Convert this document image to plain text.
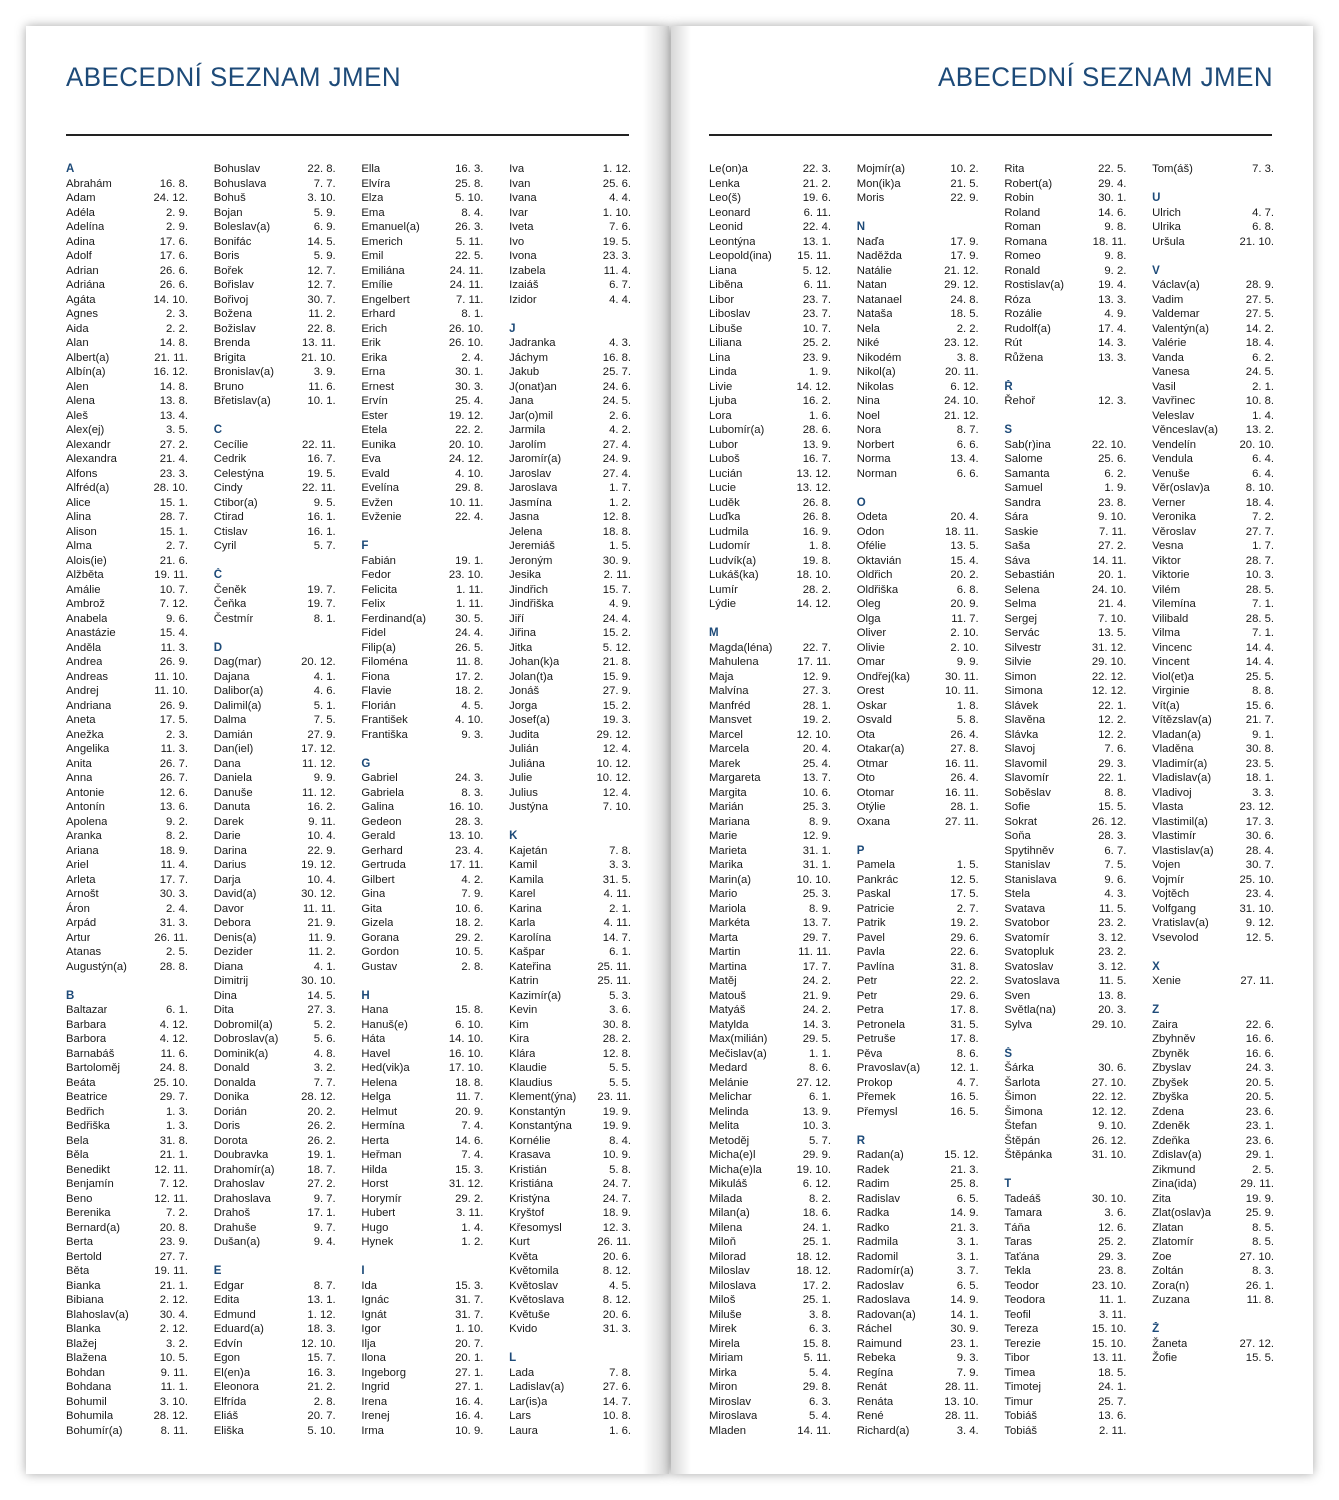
ABECEDNÍ SEZNAM JMEN
A
Abrahám	16. 8.
Adam	24. 12.
Adéla	2. 9.
Adelína	2. 9.
Adina	17. 6.
Adolf	17. 6.
Adrian	26. 6.
Adriána	26. 6.
Agáta	14. 10.
Agnes	2. 3.
Aida	2. 2.
Alan	14. 8.
Albert(a)	21. 11.
Albín(a)	16. 12.
Alen	14. 8.
Alena	13. 8.
Aleš	13. 4.
Alex(ej)	3. 5.
Alexandr	27. 2.
Alexandra	21. 4.
Alfons	23. 3.
Alfréd(a)	28. 10.
Alice	15. 1.
Alina	28. 7.
Alison	15. 1.
Alma	2. 7.
Alois(ie)	21. 6.
Alžběta	19. 11.
Amálie	10. 7.
Ambrož	7. 12.
Anabela	9. 6.
Anastázie	15. 4.
Anděla	11. 3.
Andrea	26. 9.
Andreas	11. 10.
Andrej	11. 10.
Andriana	26. 9.
Aneta	17. 5.
Anežka	2. 3.
Angelika	11. 3.
Anita	26. 7.
Anna	26. 7.
Antonie	12. 6.
Antonín	13. 6.
Apolena	9. 2.
Aranka	8. 2.
Ariana	18. 9.
Ariel	11. 4.
Arleta	17. 7.
Arnošt	30. 3.
Áron	2. 4.
Arpád	31. 3.
Artur	26. 11.
Atanas	2. 5.
Augustýn(a)	28. 8.
B
Baltazar	6. 1.
Barbara	4. 12.
Barbora	4. 12.
Barnabáš	11. 6.
Bartoloměj	24. 8.
Beáta	25. 10.
Beatrice	29. 7.
Bedřich	1. 3.
Bedřiška	1. 3.
Bela	31. 8.
Běla	21. 1.
Benedikt	12. 11.
Benjamín	7. 12.
Beno	12. 11.
Berenika	7. 2.
Bernard(a)	20. 8.
Berta	23. 9.
Bertold	27. 7.
Běta	19. 11.
Bianka	21. 1.
Bibiana	2. 12.
Blahoslav(a)	30. 4.
Blanka	2. 12.
Blažej	3. 2.
Blažena	10. 5.
Bohdan	9. 11.
Bohdana	11. 1.
Bohumil	3. 10.
Bohumila	28. 12.
Bohumír(a)	8. 11.
Bohuslav	22. 8.
Bohuslava	7. 7.
Bohuš	3. 10.
Bojan	5. 9.
Boleslav(a)	6. 9.
Bonifác	14. 5.
Boris	5. 9.
Bořek	12. 7.
Bořislav	12. 7.
Bořivoj	30. 7.
Božena	11. 2.
Božislav	22. 8.
Brenda	13. 11.
Brigita	21. 10.
Bronislav(a)	3. 9.
Bruno	11. 6.
Břetislav(a)	10. 1.
C
Cecílie	22. 11.
Cedrik	16. 7.
Celestýna	19. 5.
Cindy	22. 11.
Ctibor(a)	9. 5.
Ctirad	16. 1.
Ctislav	16. 1.
Cyril	5. 7.
Č
Čeněk	19. 7.
Čeňka	19. 7.
Čestmír	8. 1.
D
Dag(mar)	20. 12.
Dajana	4. 1.
Dalibor(a)	4. 6.
Dalimil(a)	5. 1.
Dalma	7. 5.
Damián	27. 9.
Dan(iel)	17. 12.
Dana	11. 12.
Daniela	9. 9.
Danuše	11. 12.
Danuta	16. 2.
Darek	9. 11.
Darie	10. 4.
Darina	22. 9.
Darius	19. 12.
Darja	10. 4.
David(a)	30. 12.
Davor	11. 11.
Debora	21. 9.
Denis(a)	11. 9.
Dezider	11. 2.
Diana	4. 1.
Dimitrij	30. 10.
Dina	14. 5.
Dita	27. 3.
Dobromil(a)	5. 2.
Dobroslav(a)	5. 6.
Dominik(a)	4. 8.
Donald	3. 2.
Donalda	7. 7.
Donika	28. 12.
Dorián	20. 2.
Doris	26. 2.
Dorota	26. 2.
Doubravka	19. 1.
Drahomír(a)	18. 7.
Drahoslav	27. 2.
Drahoslava	9. 7.
Drahoš	17. 1.
Drahuše	9. 7.
Dušan(a)	9. 4.
E
Edgar	8. 7.
Edita	13. 1.
Edmund	1. 12.
Eduard(a)	18. 3.
Edvín	12. 10.
Egon	15. 7.
El(en)a	16. 3.
Eleonora	21. 2.
Elfrída	2. 8.
Eliáš	20. 7.
Eliška	5. 10.
Ella	16. 3.
Elvíra	25. 8.
Elza	5. 10.
Ema	8. 4.
Emanuel(a)	26. 3.
Emerich	5. 11.
Emil	22. 5.
Emiliána	24. 11.
Emílie	24. 11.
Engelbert	7. 11.
Erhard	8. 1.
Erich	26. 10.
Erik	26. 10.
Erika	2. 4.
Erna	30. 1.
Ernest	30. 3.
Ervín	25. 4.
Ester	19. 12.
Etela	22. 2.
Eunika	20. 10.
Eva	24. 12.
Evald	4. 10.
Evelína	29. 8.
Evžen	10. 11.
Evženie	22. 4.
F
Fabián	19. 1.
Fedor	23. 10.
Felicita	1. 11.
Felix	1. 11.
Ferdinand(a)	30. 5.
Fidel	24. 4.
Filip(a)	26. 5.
Filoména	11. 8.
Fiona	17. 2.
Flavie	18. 2.
Florián	4. 5.
František	4. 10.
Františka	9. 3.
G
Gabriel	24. 3.
Gabriela	8. 3.
Galina	16. 10.
Gedeon	28. 3.
Gerald	13. 10.
Gerhard	23. 4.
Gertruda	17. 11.
Gilbert	4. 2.
Gina	7. 9.
Gita	10. 6.
Gizela	18. 2.
Gorana	29. 2.
Gordon	10. 5.
Gustav	2. 8.
H
Hana	15. 8.
Hanuš(e)	6. 10.
Háta	14. 10.
Havel	16. 10.
Hed(vik)a	17. 10.
Helena	18. 8.
Helga	11. 7.
Helmut	20. 9.
Hermína	7. 4.
Herta	14. 6.
Heřman	7. 4.
Hilda	15. 3.
Horst	31. 12.
Horymír	29. 2.
Hubert	3. 11.
Hugo	1. 4.
Hynek	1. 2.
I
Ida	15. 3.
Ignác	31. 7.
Ignát	31. 7.
Igor	1. 10.
Ilja	20. 7.
Ilona	20. 1.
Ingeborg	27. 1.
Ingrid	27. 1.
Irena	16. 4.
Irenej	16. 4.
Irma	10. 9.
Iva	1. 12.
Ivan	25. 6.
Ivana	4. 4.
Ivar	1. 10.
Iveta	7. 6.
Ivo	19. 5.
Ivona	23. 3.
Izabela	11. 4.
Izaiáš	6. 7.
Izidor	4. 4.
J
Jadranka	4. 3.
Jáchym	16. 8.
Jakub	25. 7.
J(onat)an	24. 6.
Jana	24. 5.
Jar(o)mil	2. 6.
Jarmila	4. 2.
Jarolím	27. 4.
Jaromír(a)	24. 9.
Jaroslav	27. 4.
Jaroslava	1. 7.
Jasmína	1. 2.
Jasna	12. 8.
Jelena	18. 8.
Jeremiáš	1. 5.
Jeroným	30. 9.
Jesika	2. 11.
Jindřich	15. 7.
Jindřiška	4. 9.
Jiří	24. 4.
Jiřina	15. 2.
Jitka	5. 12.
Johan(k)a	21. 8.
Jolan(t)a	15. 9.
Jonáš	27. 9.
Jorga	15. 2.
Josef(a)	19. 3.
Judita	29. 12.
Julián	12. 4.
Juliána	10. 12.
Julie	10. 12.
Julius	12. 4.
Justýna	7. 10.
K
Kajetán	7. 8.
Kamil	3. 3.
Kamila	31. 5.
Karel	4. 11.
Karina	2. 1.
Karla	4. 11.
Karolína	14. 7.
Kašpar	6. 1.
Kateřina	25. 11.
Katrin	25. 11.
Kazimír(a)	5. 3.
Kevin	3. 6.
Kim	30. 8.
Kira	28. 2.
Klára	12. 8.
Klaudie	5. 5.
Klaudius	5. 5.
Klement(ýna) 23. 11.
Konstantýn	19. 9.
Konstantýna	19. 9.
Kornélie	8. 4.
Krasava	10. 9.
Kristián	5. 8.
Kristiána	24. 7.
Kristýna	24. 7.
Kryštof	18. 9.
Křesomysl	12. 3.
Kurt	26. 11.
Květa	20. 6.
Květomila	8. 12.
Květoslav	4. 5.
Květoslava	8. 12.
Květuše	20. 6.
Kvido	31. 3.
L
Lada	7. 8.
Ladislav(a)	27. 6.
Lar(is)a	14. 7.
Lars	10. 8.
Laura	1. 6.
ABECEDNÍ SEZNAM JMEN
Le(on)a	22. 3.
Lenka	21. 2.
Leo(š)	19. 6.
Leonard	6. 11.
Leonid	22. 4.
Leontýna	13. 1.
Leopold(ina) 15. 11.
Liana	5. 12.
Liběna	6. 11.
Libor	23. 7.
Liboslav	23. 7.
Libuše	10. 7.
Liliana	25. 2.
Lina	23. 9.
Linda	1. 9.
Livie	14. 12.
Ljuba	16. 2.
Lora	1. 6.
Lubomír(a)	28. 6.
Lubor	13. 9.
Luboš	16. 7.
Lucián	13. 12.
Lucie	13. 12.
Luděk	26. 8.
Luďka	26. 8.
Ludmila	16. 9.
Ludomír	1. 8.
Ludvík(a)	19. 8.
Lukáš(ka)	18. 10.
Lumír	28. 2.
Lýdie	14. 12.
M
Magda(léna)	22. 7.
Mahulena	17. 11.
Maja	12. 9.
Malvína	27. 3.
Manfréd	28. 1.
Mansvet	19. 2.
Marcel	12. 10.
Marcela	20. 4.
Marek	25. 4.
Margareta	13. 7.
Margita	10. 6.
Marián	25. 3.
Mariana	8. 9.
Marie	12. 9.
Marieta	31. 1.
Marika	31. 1.
Marin(a)	10. 10.
Mario	25. 3.
Mariola	8. 9.
Markéta	13. 7.
Marta	29. 7.
Martin	11. 11.
Martina	17. 7.
Matěj	24. 2.
Matouš	21. 9.
Matyáš	24. 2.
Matylda	14. 3.
Max(milián)	29. 5.
Mečislav(a)	1. 1.
Medard	8. 6.
Melánie	27. 12.
Melichar	6. 1.
Melinda	13. 9.
Melita	10. 3.
Metoděj	5. 7.
Micha(e)l	29. 9.
Micha(e)la	19. 10.
Mikuláš	6. 12.
Milada	8. 2.
Milan(a)	18. 6.
Milena	24. 1.
Miloň	25. 1.
Milorad	18. 12.
Miloslav	18. 12.
Miloslava	17. 2.
Miloš	25. 1.
Miluše	3. 8.
Mirek	6. 3.
Mirela	15. 8.
Miriam	5. 11.
Mirka	5. 4.
Miron	29. 8.
Miroslav	6. 3.
Miroslava	5. 4.
Mladen	14. 11.
Mojmír(a)	10. 2.
Mon(ik)a	21. 5.
Moris	22. 9.
N
Naďa	17. 9.
Naděžda	17. 9.
Natálie	21. 12.
Natan	29. 12.
Natanael	24. 8.
Nataša	18. 5.
Nela	2. 2.
Niké	23. 12.
Nikodém	3. 8.
Nikol(a)	20. 11.
Nikolas	6. 12.
Nina	24. 10.
Noel	21. 12.
Nora	8. 7.
Norbert	6. 6.
Norma	13. 4.
Norman	6. 6.
O
Odeta	20. 4.
Odon	18. 11.
Ofélie	13. 5.
Oktavián	15. 4.
Oldřich	20. 2.
Oldřiška	6. 8.
Oleg	20. 9.
Olga	11. 7.
Oliver	2. 10.
Olivie	2. 10.
Omar	9. 9.
Ondřej(ka)	30. 11.
Orest	10. 11.
Oskar	1. 8.
Osvald	5. 8.
Ota	26. 4.
Otakar(a)	27. 8.
Otmar	16. 11.
Oto	26. 4.
Otomar	16. 11.
Otýlie	28. 1.
Oxana	27. 11.
P
Pamela	1. 5.
Pankrác	12. 5.
Paskal	17. 5.
Patricie	2. 7.
Patrik	19. 2.
Pavel	29. 6.
Pavla	22. 6.
Pavlína	31. 8.
Petr	22. 2.
Petr	29. 6.
Petra	17. 8.
Petronela	31. 5.
Petruše	17. 8.
Pěva	8. 6.
Pravoslav(a)	12. 1.
Prokop	4. 7.
Přemek	16. 5.
Přemysl	16. 5.
R
Radan(a)	15. 12.
Radek	21. 3.
Radim	25. 8.
Radislav	6. 5.
Radka	14. 9.
Radko	21. 3.
Radmila	3. 1.
Radomil	3. 1.
Radomír(a)	3. 7.
Radoslav	6. 5.
Radoslava	14. 9.
Radovan(a)	14. 1.
Ráchel	30. 9.
Raimund	23. 1.
Rebeka	9. 3.
Regína	7. 9.
Renát	28. 11.
Renáta	13. 10.
René	28. 11.
Richard(a)	3. 4.
Rita	22. 5.
Robert(a)	29. 4.
Robin	30. 1.
Roland	14. 6.
Roman	9. 8.
Romana	18. 11.
Romeo	9. 8.
Ronald	9. 2.
Rostislav(a)	19. 4.
Róza	13. 3.
Rozálie	4. 9.
Rudolf(a)	17. 4.
Rút	14. 3.
Růžena	13. 3.
Ř
Řehoř	12. 3.
S
Sab(r)ina	22. 10.
Salome	25. 6.
Samanta	6. 2.
Samuel	1. 9.
Sandra	23. 8.
Sára	9. 10.
Saskie	7. 11.
Saša	27. 2.
Sáva	14. 11.
Sebastián	20. 1.
Selena	24. 10.
Selma	21. 4.
Sergej	7. 10.
Servác	13. 5.
Silvestr	31. 12.
Silvie	29. 10.
Simon	22. 12.
Simona	12. 12.
Slávek	22. 1.
Slavěna	12. 2.
Slávka	12. 2.
Slavoj	7. 6.
Slavomil	29. 3.
Slavomír	22. 1.
Soběslav	8. 8.
Sofie	15. 5.
Sokrat	26. 12.
Soňa	28. 3.
Spytihněv	6. 7.
Stanislav	7. 5.
Stanislava	9. 6.
Stela	4. 3.
Svatava	11. 5.
Svatobor	23. 2.
Svatomír	3. 12.
Svatopluk	23. 2.
Svatoslav	3. 12.
Svatoslava	11. 5.
Sven	13. 8.
Světla(na)	20. 3.
Sylva	29. 10.
Š
Šárka	30. 6.
Šarlota	27. 10.
Šimon	22. 12.
Šimona	12. 12.
Štefan	9. 10.
Štěpán	26. 12.
Štěpánka	31. 10.
T
Tadeáš	30. 10.
Tamara	3. 6.
Táňa	12. 6.
Taras	25. 2.
Taťána	29. 3.
Tekla	23. 8.
Teodor	23. 10.
Teodora	11. 1.
Teofil	3. 11.
Tereza	15. 10.
Terezie	15. 10.
Tibor	13. 11.
Timea	18. 5.
Timotej	24. 1.
Timur	25. 7.
Tobiáš	13. 6.
Tobiáš	2. 11.
Tom(áš)	7. 3.
U
Ulrich	4. 7.
Ulrika	6. 8.
Uršula	21. 10.
V
Václav(a)	28. 9.
Vadim	27. 5.
Valdemar	27. 5.
Valentýn(a)	14. 2.
Valérie	18. 4.
Vanda	6. 2.
Vanesa	24. 5.
Vasil	2. 1.
Vavřinec	10. 8.
Veleslav	1. 4.
Věnceslav(a) 13. 2.
Vendelín	20. 10.
Vendula	6. 4.
Venuše	6. 4.
Věr(oslav)a	8. 10.
Verner	18. 4.
Veronika	7. 2.
Věroslav	27. 7.
Vesna	1. 7.
Viktor	28. 7.
Viktorie	10. 3.
Vilém	28. 5.
Vilemína	7. 1.
Vilibald	28. 5.
Vilma	7. 1.
Vincenc	14. 4.
Vincent	14. 4.
Viol(et)a	25. 5.
Virginie	8. 8.
Vít(a)	15. 6.
Vítězslav(a)	21. 7.
Vladan(a)	9. 1.
Vladěna	30. 8.
Vladimír(a)	23. 5.
Vladislav(a)	18. 1.
Vladivoj	3. 3.
Vlasta	23. 12.
Vlastimil(a)	17. 3.
Vlastimír	30. 6.
Vlastislav(a)	28. 4.
Vojen	30. 7.
Vojmír	25. 10.
Vojtěch	23. 4.
Volfgang	31. 10.
Vratislav(a)	9. 12.
Vsevolod	12. 5.
X
Xenie	27. 11.
Z
Zaira	22. 6.
Zbyhněv	16. 6.
Zbyněk	16. 6.
Zbyslav	24. 3.
Zbyšek	20. 5.
Zbyška	20. 5.
Zdena	23. 6.
Zdeněk	23. 1.
Zdeňka	23. 6.
Zdislav(a)	29. 1.
Zikmund	2. 5.
Zina(ida)	29. 11.
Zita	19. 9.
Zlat(oslav)a	25. 9.
Zlatan	8. 5.
Zlatomír	8. 5.
Zoe	27. 10.
Zoltán	8. 3.
Zora(n)	26. 1.
Zuzana	11. 8.
Ž
Žaneta	27. 12.
Žofie	15. 5.
